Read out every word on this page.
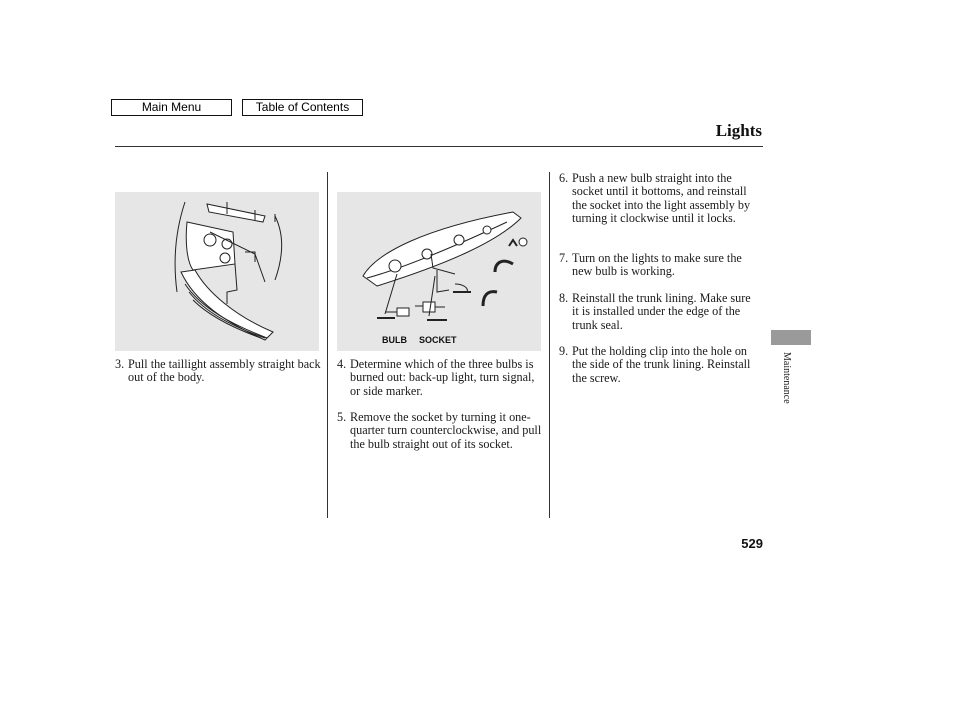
Main Menu	Table of Contents
Lights
BULB SOCKET
3. Pull the taillight assembly straight back out of the body.
4. Determine which of the three bulbs is burned out: back-up light, turn signal, or side marker.
5. Remove the socket by turning it one-quarter turn counterclockwise, and pull the bulb straight out of its socket.
6. Push a new bulb straight into the socket until it bottoms, and reinstall the socket into the light assembly by turning it clockwise until it locks.
7. Turn on the lights to make sure the new bulb is working.
8. Reinstall the trunk lining. Make sure it is installed under the edge of the trunk seal.
9. Put the holding clip into the hole on the side of the trunk lining. Reinstall the screw.	Maintenance
529
